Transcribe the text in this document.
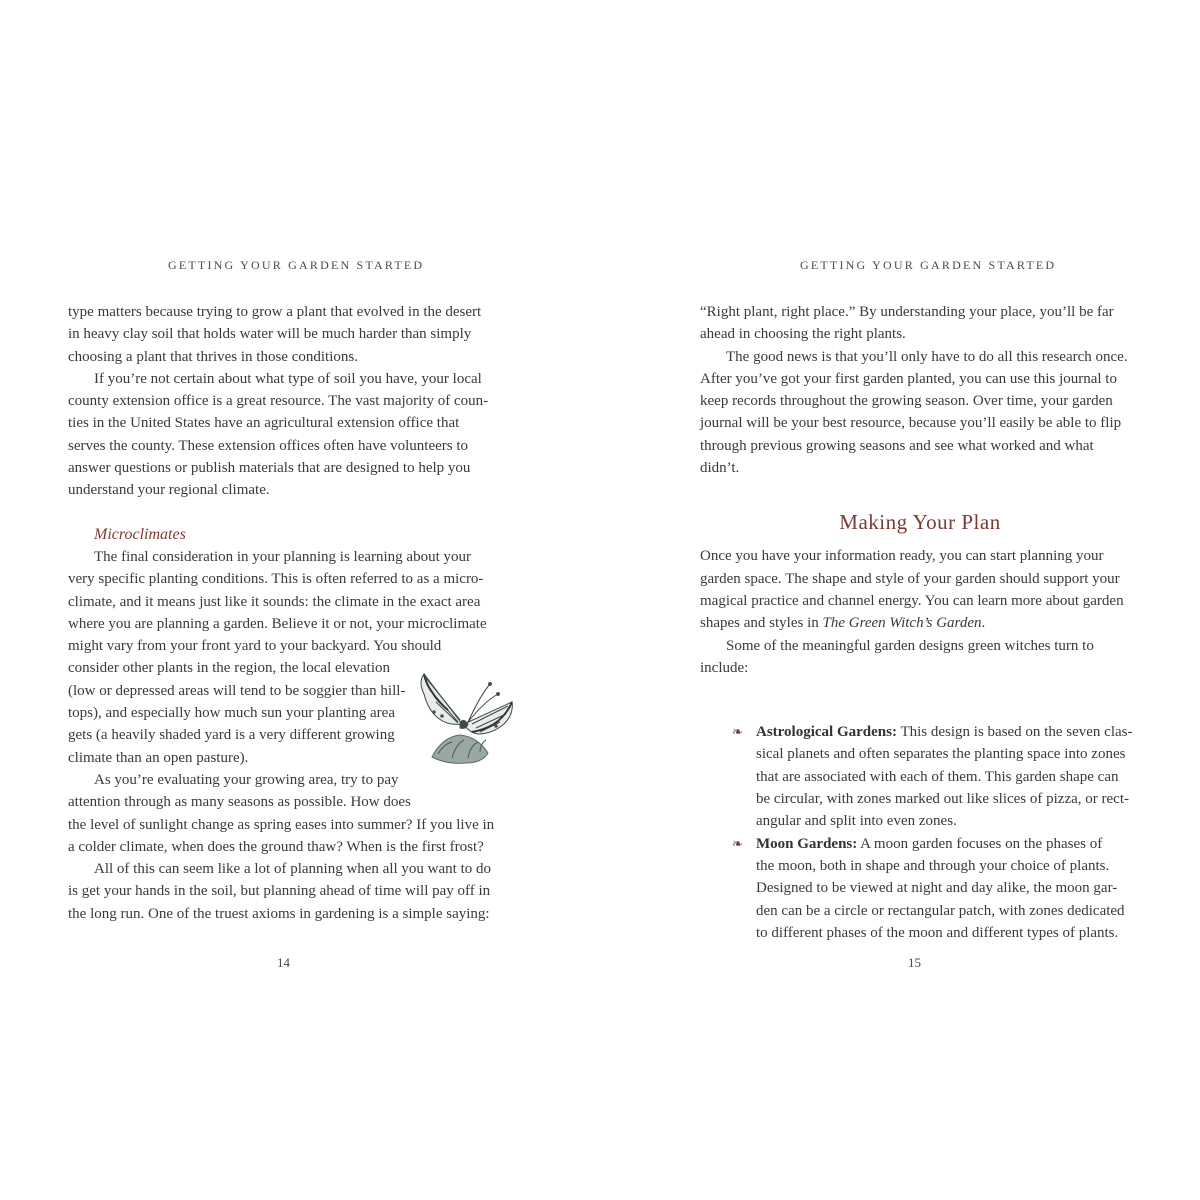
GETTING YOUR GARDEN STARTED
type matters because trying to grow a plant that evolved in the desert
in heavy clay soil that holds water will be much harder than simply
choosing a plant that thrives in those conditions.
If you’re not certain about what type of soil you have, your local
county extension office is a great resource. The vast majority of coun-
ties in the United States have an agricultural extension office that
serves the county. These extension offices often have volunteers to
answer questions or publish materials that are designed to help you
understand your regional climate.
Microclimates
The final consideration in your planning is learning about your
very specific planting conditions. This is often referred to as a micro-
climate, and it means just like it sounds: the climate in the exact area
where you are planning a garden. Believe it or not, your microclimate
might vary from your front yard to your backyard. You should
consider other plants in the region, the local elevation
(low or depressed areas will tend to be soggier than hill-
tops), and especially how much sun your planting area
gets (a heavily shaded yard is a very different growing
climate than an open pasture).
As you’re evaluating your growing area, try to pay
attention through as many seasons as possible. How does
the level of sunlight change as spring eases into summer? If you live in
a colder climate, when does the ground thaw? When is the first frost?
All of this can seem like a lot of planning when all you want to do
is get your hands in the soil, but planning ahead of time will pay off in
the long run. One of the truest axioms in gardening is a simple saying:
14
GETTING YOUR GARDEN STARTED
“Right plant, right place.” By understanding your place, you’ll be far
ahead in choosing the right plants.
The good news is that you’ll only have to do all this research once.
After you’ve got your first garden planted, you can use this journal to
keep records throughout the growing season. Over time, your garden
journal will be your best resource, because you’ll easily be able to flip
through previous growing seasons and see what worked and what
didn’t.
Making Your Plan
Once you have your information ready, you can start planning your
garden space. The shape and style of your garden should support your
magical practice and channel energy. You can learn more about garden
shapes and styles in The Green Witch’s Garden.
Some of the meaningful garden designs green witches turn to
include:
❧ Astrological Gardens: This design is based on the seven clas-
sical planets and often separates the planting space into zones
that are associated with each of them. This garden shape can
be circular, with zones marked out like slices of pizza, or rect-
angular and split into even zones.
❧ Moon Gardens: A moon garden focuses on the phases of
the moon, both in shape and through your choice of plants.
Designed to be viewed at night and day alike, the moon gar-
den can be a circle or rectangular patch, with zones dedicated
to different phases of the moon and different types of plants.
15
